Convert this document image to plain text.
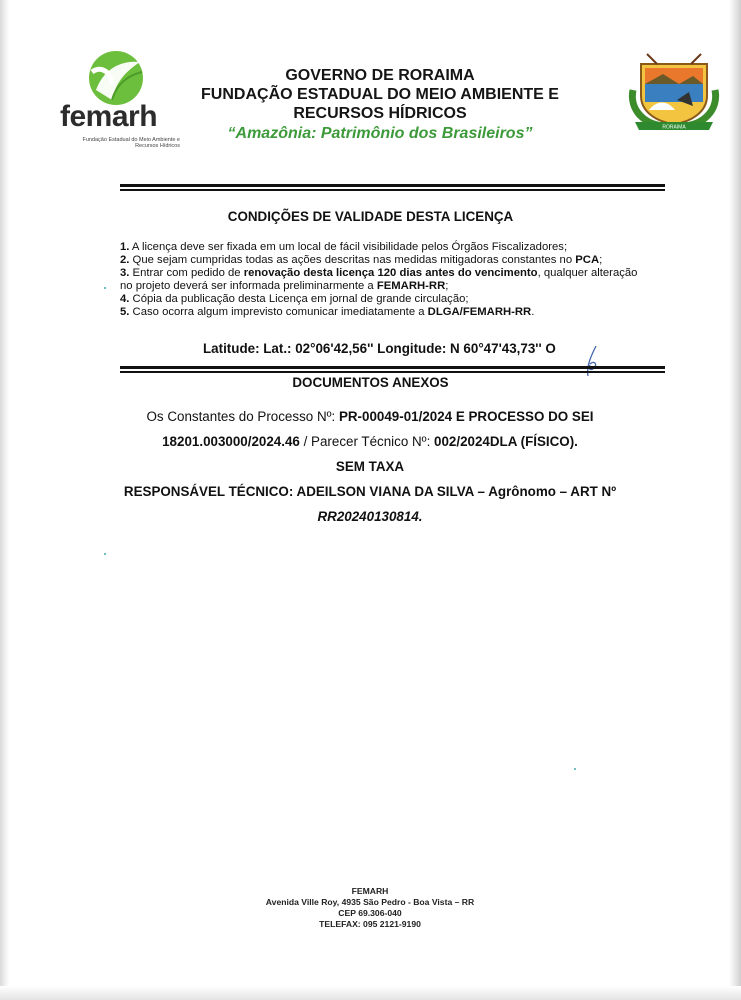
femarh
Fundação Estadual do Meio Ambiente e Recursos Hídricos
GOVERNO DE RORAIMA
FUNDAÇÃO ESTADUAL DO MEIO AMBIENTE E
RECURSOS HÍDRICOS
“Amazônia: Patrimônio dos Brasileiros”	RORAIMA
CONDIÇÕES DE VALIDADE DESTA LICENÇA
1. A licença deve ser fixada em um local de fácil visibilidade pelos Órgãos Fiscalizadores;
2. Que sejam cumpridas todas as ações descritas nas medidas mitigadoras constantes no PCA;
3. Entrar com pedido de renovação desta licença 120 dias antes do vencimento, qualquer alteração
no projeto deverá ser informada preliminarmente a FEMARH-RR;
4. Cópia da publicação desta Licença em jornal de grande circulação;
5. Caso ocorra algum imprevisto comunicar imediatamente a DLGA/FEMARH-RR.
Latitude: Lat.: 02°06'42,56'' Longitude: N 60°47'43,73'' O
DOCUMENTOS ANEXOS
Os Constantes do Processo Nº: PR-00049-01/2024 E PROCESSO DO SEI
18201.003000/2024.46 / Parecer Técnico Nº: 002/2024DLA (FÍSICO).
SEM TAXA
RESPONSÁVEL TÉCNICO: ADEILSON VIANA DA SILVA – Agrônomo – ART Nº
RR20240130814.
FEMARH
Avenida Ville Roy, 4935 São Pedro - Boa Vista – RR
CEP 69.306-040
TELEFAX: 095 2121-9190
